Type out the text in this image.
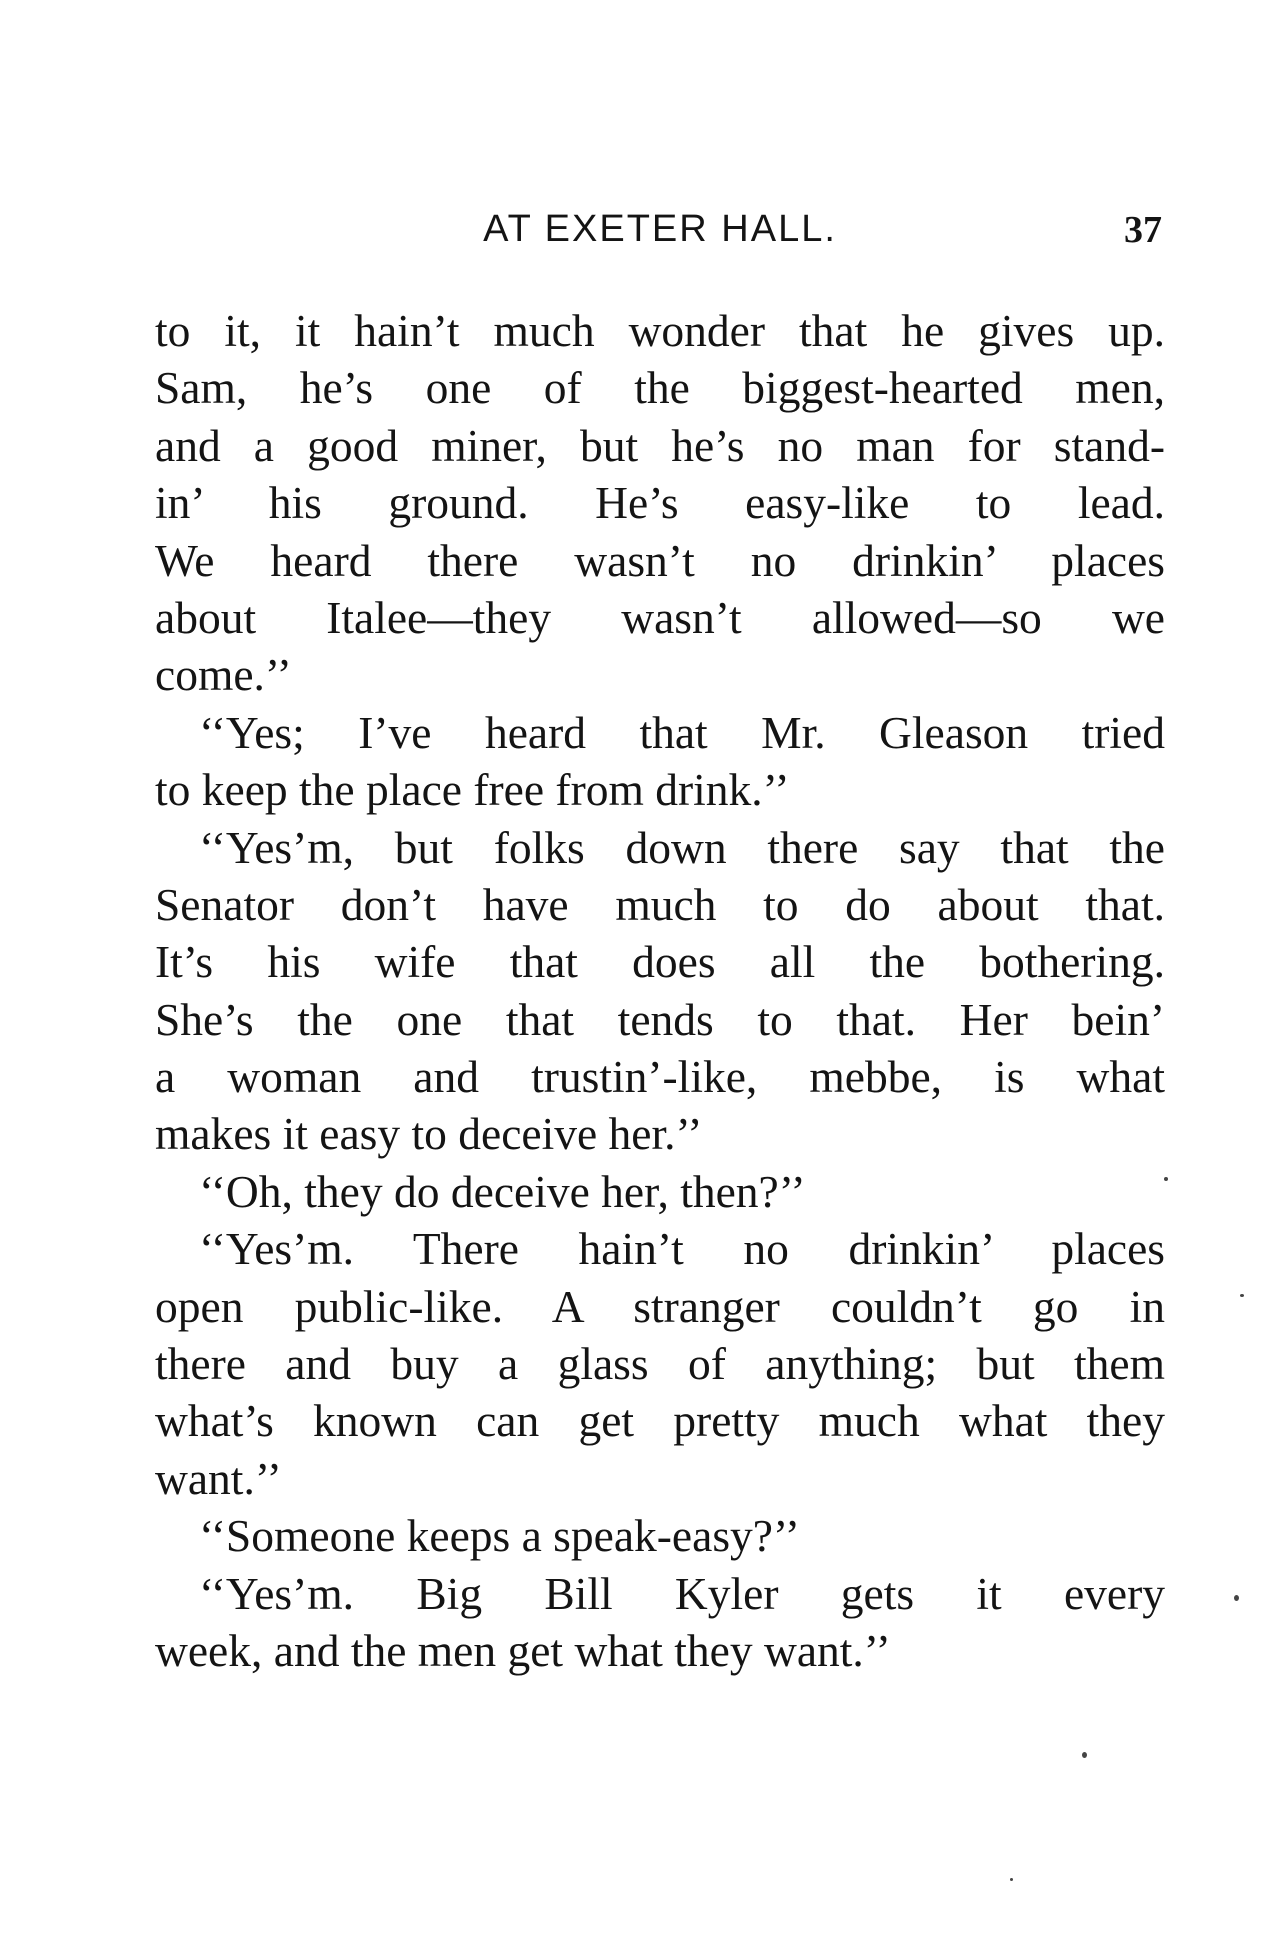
AT EXETER HALL.	37
to it, it hain’t much wonder that he gives up.
Sam, he’s one of the biggest-hearted men,
and a good miner, but he’s no man for stand-
in’ his ground. He’s easy-like to lead.
We heard there wasn’t no drinkin’ places
about Italee—they wasn’t allowed—so we
come.’’
‘‘Yes; I’ve heard that Mr. Gleason tried
to keep the place free from drink.’’
‘‘Yes’m, but folks down there say that the
Senator don’t have much to do about that.
It’s his wife that does all the bothering.
She’s the one that tends to that. Her bein’
a woman and trustin’-like, mebbe, is what
makes it easy to deceive her.’’
‘‘Oh, they do deceive her, then?’’
‘‘Yes’m. There hain’t no drinkin’ places
open public-like. A stranger couldn’t go in
there and buy a glass of anything; but them
what’s known can get pretty much what they
want.’’
‘‘Someone keeps a speak-easy?’’
‘‘Yes’m. Big Bill Kyler gets it every
week, and the men get what they want.’’
